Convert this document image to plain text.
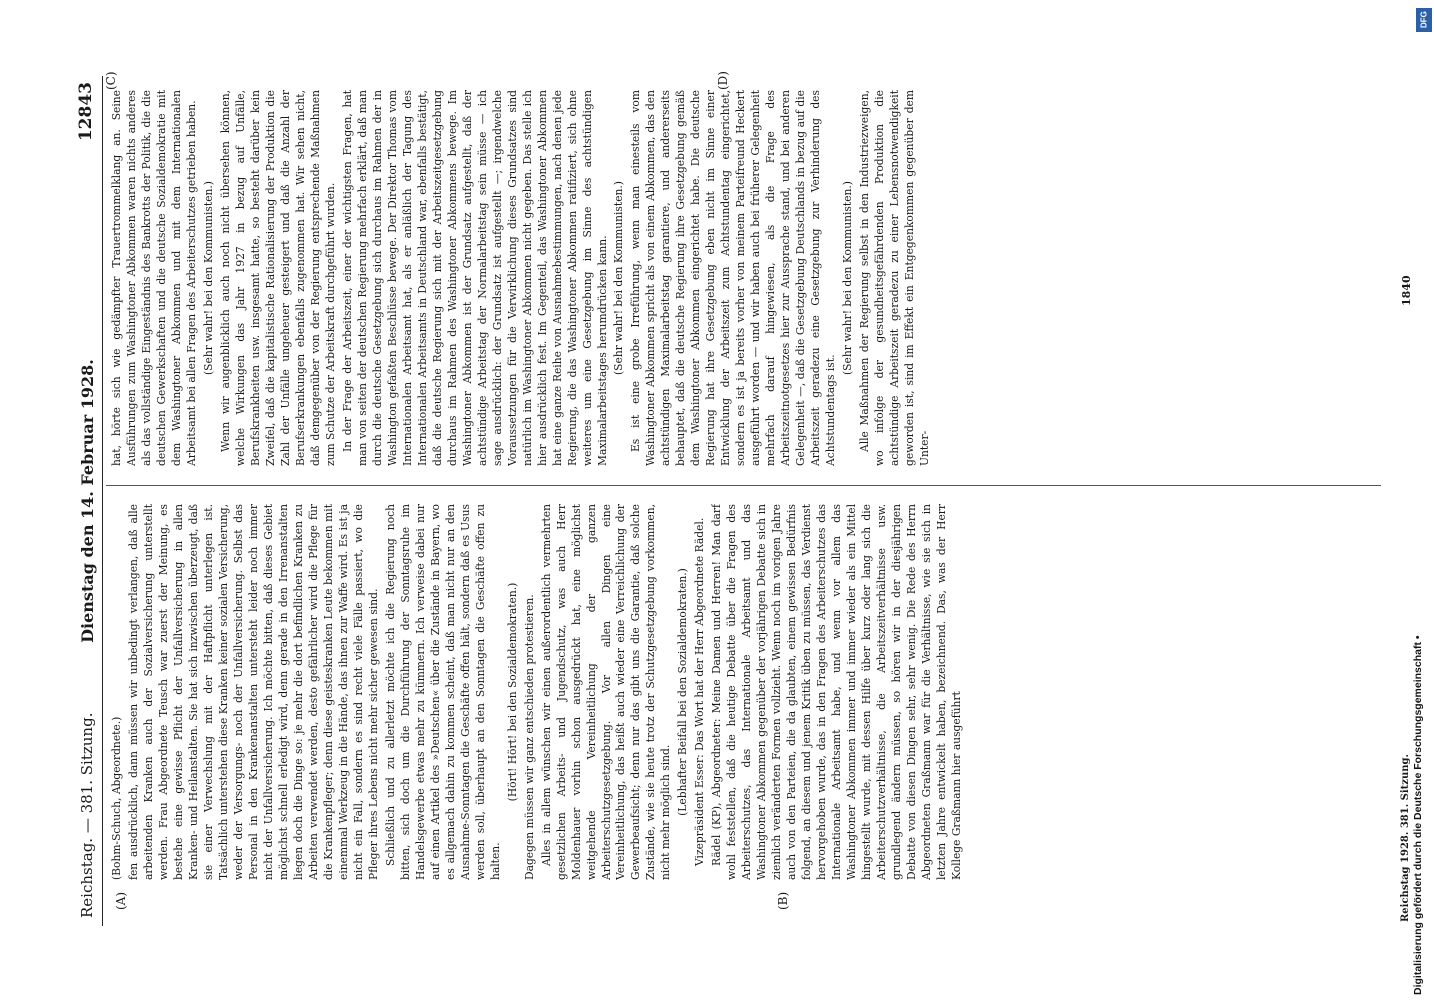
Reichstag. — 381. Sitzung.
Dienstag den 14. Februar 1928.
12843
(A)	(B)
(C)	(D)

(Bohm-Schuch, Abgeordnete.) fen ausdrücklich, dann müssen wir unbedingt verlangen, daß alle arbeitenden Kranken auch der Sozialversicherung unterstellt werden. Frau Abgeordnete Teusch war zuerst der Meinung, es bestehe eine gewisse Pflicht der Unfallversicherung in allen Kranken- und Heilanstalten. Sie hat sich inzwischen überzeugt, daß sie einer Verwechslung mit der Haftpflicht unterlegen ist. Tatsächlich unterstehen diese Kranken keiner sozialen Versicherung, weder der Versorgungs- noch der Unfallversicherung. Selbst das Personal in den Krankenanstalten untersteht leider noch immer nicht der Unfallversicherung. Ich möchte bitten, daß dieses Gebiet möglichst schnell erledigt wird, denn gerade in den Irrenanstalten liegen doch die Dinge so: je mehr die dort befindlichen Kranken zu Arbeiten verwendet werden, desto gefährlicher wird die Pflege für die Krankenpfleger; denn diese geisteskranken Leute bekommen mit einemmal Werkzeug in die Hände, das ihnen zur Waffe wird. Es ist ja nicht ein Fall, sondern es sind recht viele Fälle passiert, wo die Pfleger ihres Lebens nicht mehr sicher gewesen sind. Schließlich und zu allerletzt möchte ich die Regierung noch bitten, sich doch um die Durchführung der Sonntagsruhe im Handelsgewerbe etwas mehr zu kümmern. Ich verweise dabei nur auf einen Artikel des »Deutschen« über die Zustände in Bayern, wo es allgemach dahin zu kommen scheint, daß man nicht nur an den Ausnahme-Sonntagen die Geschäfte offen hält, sondern daß es Usus werden soll, überhaupt an den Sonntagen die Geschäfte offen zu halten.

(Hört! Hört! bei den Sozialdemokraten.) Dagegen müssen wir ganz entschieden protestieren. Alles in allem wünschen wir einen außerordentlich vermehrten gesetzlichen Arbeits- und Jugendschutz, was auch Herr Moldenhauer vorhin schon ausgedrückt hat, eine möglichst weitgehende Vereinheitlichung der ganzen Arbeiterschutzgesetzgebung. Vor allen Dingen eine Vereinheitlichung, das heißt auch wieder eine Verreichlichung der Gewerbeaufsicht; denn nur das gibt uns die Garantie, daß solche Zustände, wie sie heute trotz der Schutzgesetzgebung vorkommen, nicht mehr möglich sind. (Lebhafter Beifall bei den Sozialdemokraten.) Vizepräsident Esser: Das Wort hat der Herr Abgeordnete Rädel. Rädel (KP), Abgeordneter: Meine Damen und Herren! Man darf wohl feststellen, daß die heutige Debatte über die Fragen des Arbeiterschutzes, das Internationale Arbeitsamt und das Washingtoner Abkommen gegenüber der vorjährigen Debatte sich in ziemlich veränderten Formen vollzieht. Wenn noch im vorigen Jahre auch von den Parteien, die da glaubten, einem gewissen Bedürfnis folgend, an diesem und jenem Kritik üben zu müssen, das Verdienst hervorgehoben wurde, das in den Fragen des Arbeiterschutzes das Internationale Arbeitsamt habe, und wenn vor allem das Washingtoner Abkommen immer und immer wieder als ein Mittel hingestellt wurde, mit dessen Hilfe über kurz oder lang sich die Arbeiterschutzverhältnisse, die Arbeitszeitverhältnisse usw. grundlegend ändern müssen, so hören wir in der diesjährigen Debatte von diesen Dingen sehr, sehr wenig. Die Rede des Herrn Abgeordneten Graßmann war für die Verhältnisse, wie sie sich in letzten Jahre entwickelt haben, bezeichnend. Das, was der Herr Kollege Graßmann hier ausgeführt

hat, hörte sich wie gedämpfter Trauertrommelklang an. Seine Ausführungen zum Washingtoner Abkommen waren nichts anderes als das vollständige Eingeständnis des Bankrotts der Politik, die die deutschen Gewerkschaften und die deutsche Sozialdemokratie mit dem Washingtoner Abkommen und mit dem Internationalen Arbeitsamt bei allen Fragen des Arbeiterschutzes getrieben haben. (Sehr wahr! bei den Kommunisten.) Wenn wir augenblicklich auch noch nicht übersehen können, welche Wirkungen das Jahr 1927 in bezug auf Unfälle, Berufskrankheiten usw. insgesamt hatte, so besteht darüber kein Zweifel, daß die kapitalistische Rationalisierung der Produktion die Zahl der Unfälle ungeheuer gesteigert und daß die Anzahl der Berufserkrankungen ebenfalls zugenommen hat. Wir sehen nicht, daß demgegenüber von der Regierung entsprechende Maßnahmen zum Schutze der Arbeitskraft durchgeführt wurden. In der Frage der Arbeitszeit, einer der wichtigsten Fragen, hat man von seiten der deutschen Regierung mehrfach erklärt, daß man durch die deutsche Gesetzgebung sich durchaus im Rahmen der in Washington gefaßten Beschlüsse bewege. Der Direktor Thomas vom Internationalen Arbeitsamt hat, als er anläßlich der Tagung des Internationalen Arbeitsamts in Deutschland war, ebenfalls bestätigt, daß die deutsche Regierung sich mit der Arbeitszeitgesetzgebung durchaus im Rahmen des Washingtoner Abkommens bewege. Im Washingtoner Abkommen ist der Grundsatz aufgestellt, daß der achtstündige Arbeitstag der Normalarbeitstag sein müsse — ich sage ausdrücklich: der Grundsatz ist aufgestellt —; irgendwelche Voraussetzungen für die Verwirklichung dieses Grundsatzes sind natürlich im Washingtoner Abkommen nicht gegeben. Das stelle ich hier ausdrücklich fest. Im Gegenteil, das Washingtoner Abkommen hat eine ganze Reihe von Ausnahmebestimmungen, nach denen jede Regierung, die das Washingtoner Abkommen ratifiziert, sich ohne weiteres um eine Gesetzgebung im Sinne des achtstündigen Maximalarbeitstages herumdrücken kann. (Sehr wahr! bei den Kommunisten.) Es ist eine grobe Irreführung, wenn man einesteils vom Washingtoner Abkommen spricht als von einem Abkommen, das den achtstündigen Maximalarbeitstag garantiere, und andererseits behauptet, daß die deutsche Regierung ihre Gesetzgebung gemäß dem Washingtoner Abkommen eingerichtet habe. Die deutsche Regierung hat ihre Gesetzgebung eben nicht im Sinne einer Entwicklung der Arbeitszeit zum Achtstundentag eingerichtet, sondern es ist ja bereits vorher von meinem Parteifreund Heckert ausgeführt worden — und wir haben auch bei früherer Gelegenheit mehrfach darauf hingewiesen, als die Frage des Arbeitszeitnotgesetzes hier zur Aussprache stand, und bei anderen Gelegenheit —, daß die Gesetzgebung Deutschlands in bezug auf die Arbeitszeit geradezu eine Gesetzgebung zur Verhinderung des Achtstundentags ist.

(Sehr wahr! bei den Kommunisten.) Alle Maßnahmen der Regierung selbst in den Industriezweigen, wo infolge der gesundheitsgefährdenden Produktion die achtstündige Arbeitszeit geradezu zu einer Lebensnotwendigkeit geworden ist, sind im Effekt ein Entgegenkommen gegenüber dem Unter-

Reichstag 1928. 381. Sitzung.
1840
DFG
Digitalisierung gefördert durch die Deutsche Forschungsgemeinschaft •
